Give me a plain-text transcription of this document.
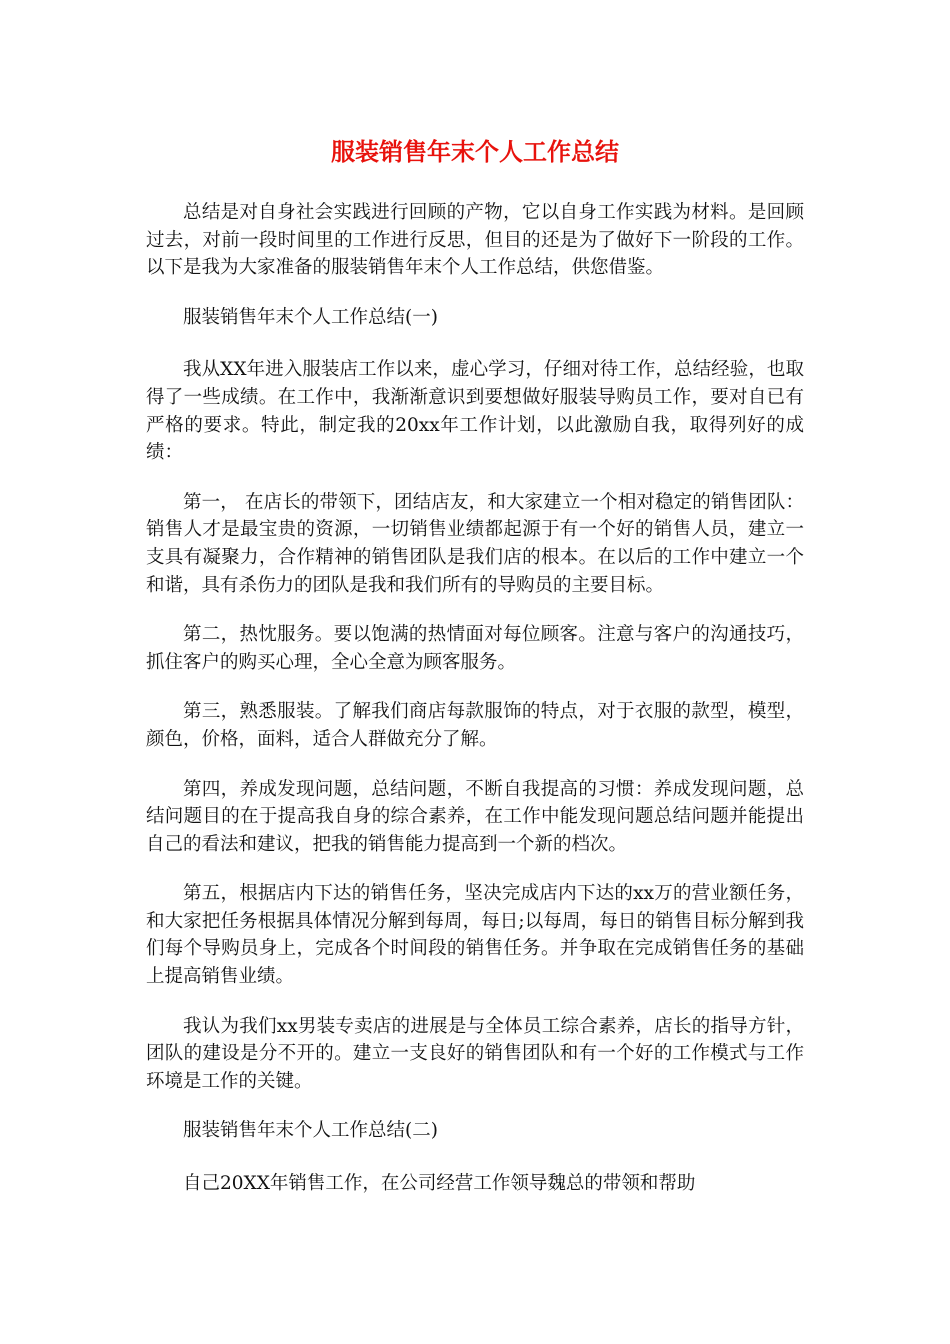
服装销售年末个人工作总结

总结是对自身社会实践进行回顾的产物，它以自身工作实践为材料。是回顾过去，对前一段时间里的工作进行反思，但目的还是为了做好下一阶段的工作。以下是我为大家准备的服装销售年末个人工作总结，供您借鉴。

服装销售年末个人工作总结(一)

我从XX年进入服装店工作以来，虚心学习，仔细对待工作，总结经验，也取得了一些成绩。在工作中，我渐渐意识到要想做好服装导购员工作，要对自已有严格的要求。特此，制定我的20xx年工作计划，以此激励自我，取得列好的成绩：

第一， 在店长的带领下，团结店友，和大家建立一个相对稳定的销售团队：销售人才是最宝贵的资源，一切销售业绩都起源于有一个好的销售人员，建立一支具有凝聚力，合作精神的销售团队是我们店的根本。在以后的工作中建立一个和谐，具有杀伤力的团队是我和我们所有的导购员的主要目标。

第二，热忱服务。要以饱满的热情面对每位顾客。注意与客户的沟通技巧，抓住客户的购买心理，全心全意为顾客服务。

第三，熟悉服装。了解我们商店每款服饰的特点，对于衣服的款型，模型，颜色，价格，面料，适合人群做充分了解。

第四，养成发现问题，总结问题，不断自我提高的习惯：养成发现问题，总结问题目的在于提高我自身的综合素养，在工作中能发现问题总结问题并能提出自己的看法和建议，把我的销售能力提高到一个新的档次。

第五，根据店内下达的销售任务，坚决完成店内下达的xx万的营业额任务，和大家把任务根据具体情况分解到每周，每日;以每周，每日的销售目标分解到我们每个导购员身上，完成各个时间段的销售任务。并争取在完成销售任务的基础上提高销售业绩。

我认为我们xx男装专卖店的进展是与全体员工综合素养，店长的指导方针，团队的建设是分不开的。建立一支良好的销售团队和有一个好的工作模式与工作环境是工作的关键。

服装销售年末个人工作总结(二)

自己20XX年销售工作，在公司经营工作领导魏总的带领和帮助
